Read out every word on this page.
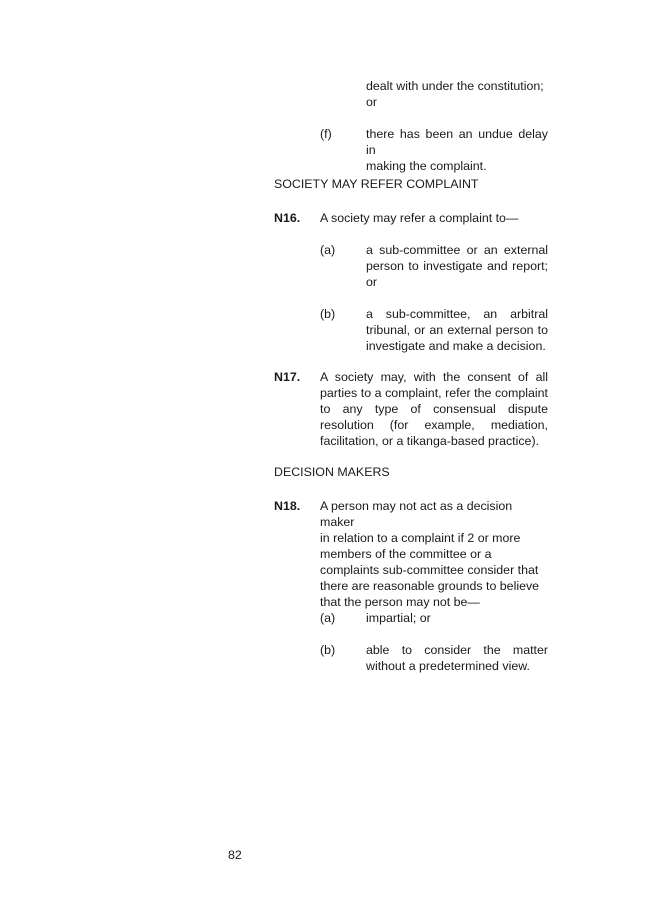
dealt with under the constitution;
or
(f)	there has been an undue delay in
making the complaint.
SOCIETY MAY REFER COMPLAINT
N16. A society may refer a complaint to—
(a) a sub-committee or an external
person to investigate and report;
or
(b) a sub-committee, an arbitral
tribunal, or an external person to
investigate and make a decision.
N17. A society may, with the consent of all
parties to a complaint, refer the complaint
to any type of consensual dispute
resolution (for example, mediation,
facilitation, or a tikanga-based practice).
DECISION MAKERS
N18. A person may not act as a decision maker
in relation to a complaint if 2 or more
members of the committee or a
complaints sub-committee consider that
there are reasonable grounds to believe
that the person may not be—
(a) impartial; or
(b) able to consider the matter
without a predetermined view.
82
